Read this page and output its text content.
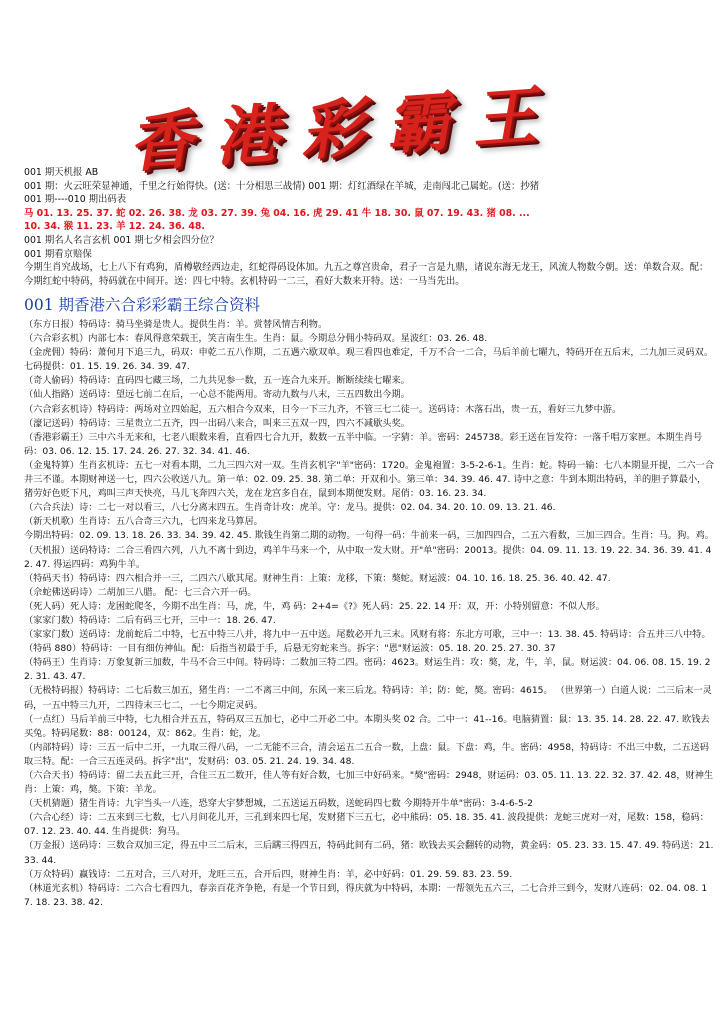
香港彩霸王
001 期天机报 AB
001 期：火云旺荣显神通，千里之行始得快。(送：十分相思三战情) 001 期：灯红酒绿在羊城，走南闯北己属蛇。(送：抄猪
001 期----010 期出码表
马 01. 13. 25. 37. 蛇 02. 26. 38. 龙 03. 27. 39. 兔 04. 16. 虎 29. 41 牛 18. 30. 鼠 07. 19. 43. 猪 08. ...
10. 34. 猴 11. 23. 羊 12. 24. 36. 48.
001 期名人名言玄机 001 期七夕相会四分位？
001 期看京赔保
今期生肖究战场，七上八下有鸡狗，盾樽敬经西边走，红蛇得码设体加。九五之尊宫贵命，君子一言是九鼎，诸说东海无龙王，风流人物数今朝。送：单数合双。配：今期红蛇中特码，特码就在中间开。送：四七中特。玄机特码一二三，看好大数来开特。送：一马当先出。
001 期香港六合彩彩霸王综合资料

（东方日报）特码诗：骑马坐骑是贵人。提供生肖：羊。赏替风情吉利物。

（六合彩玄机）内部七本：春风得意荣载王，笑言南生生。生肖：鼠。今期总分佣小特码双。星波红：03. 26. 48.

（金虎佣）特码：萧何月下追三九，码双：申乾二五八作期，二五遇六歇双单。观三看四也难定，千万不合一二合，马后羊前七曜九，特码开在五后末，二九加三灵码双。七码提供：01. 15. 19. 26. 34. 39. 47.

（奇人偷码）特码诗：直码四七藏三场，二九共见参一数，五一连合九来开。断断续续七曜来。

（仙人指路）送码诗：望远七前二在后，一心总不能两用。寄动九数与八末，三五四数出今期。

（六合彩玄机诗）特码诗：两场对立四始起，五六相合今双来，日今一下三九齐，不管三七二徒一。送码诗：木落石出，贵一五，看好三九梦中游。

（濠记送码）特码诗：三星贵立二五齐，四一出码八来合，叫来三五双一四，四六不减歇头奖。

（香港彩霸王）三中六斗无来和，七老八眼数来看，直看四七合九开，数数一五半中临。一字猜：羊。密码：245738。彩王送在旨发符：一落千唱万家匣。本期生肖号码：03. 06. 12. 15. 17. 24. 26. 27. 32. 34. 41. 46.

（金鬼特算）生肖玄机诗：五七一对看本期，二九三四六对一双。生肖玄机字"羊"密码：1720。金鬼袍置：3-5-2-6-1。生肖：蛇。特码一输：七八本期显开提，二六一合井三不谨。本期财神送一七，四六公收送八九。第一单：02. 09. 25. 38. 第二单：开双和小。第三单：34. 39. 46. 47. 诗中之意：牛到本期出特码，羊的胆子算最小，猪劳好色贬下凡，鸡叫三声天快亮，马儿飞奔四六关，龙在龙宫多自在，鼠到本期便发财。尾俏：03. 16. 23. 34.

（六合兵法）诗：二七一对以看三，八七分离末四五。生肖奇计攻：虎羊。守：龙马。提供：02. 04. 34. 20. 10. 09. 13. 21. 46.

（新天机歌）生肖诗：五八合奇三六九，七四来龙马算居。

今期出特码：02. 09. 13. 18. 26. 33. 34. 39. 42. 45. 欺钱生肖第二期的动物。一句得一码：牛前来一码，三加四四合，二五六看数，三加三四合。生肖：马。狗。鸡。

（天机报）送码特诗：二合三看四六列，八九不离十到边，鸡羊牛马来一个，从中取一发大财。开"单"密码：20013。提供：04. 09. 11. 13. 19. 22. 34. 36. 39. 41. 42. 47. 得运四码：鸡狗牛羊。

（特码天书）特码诗：四六相合并一三，二四六八歇其尾。财神生肖：上策：龙移，下策：獒蛇。财运波：04. 10. 16. 18. 25. 36. 40. 42. 47.

（佘蛇佛送码诗）二胡加三八腊。 配：七三合六开一码。

（死人码）死人诗：龙困蛇爬冬，今期不出生肖：马，虎，牛，鸡 码：2+4=《?》死人码：25. 22. 14 开：双，开：小特别留意：不似人形。

（家家门数）特码诗：二后有码三七开，三中一：18. 26. 47.

（家家门数）送码诗：龙前蛇后二中特，七五中特三八并，将九中一五中送。尾数必开九三末。风财有将：东北方可歌，三中一：13. 38. 45. 特码诗：合五并三八中特。

（特码 880）特码诗：一目有细仿神仙。配：后指当初最于手，后悬无穷蛇来当。拆字："恩"财运波：05. 18. 20. 25. 27. 30. 37

（特码王）生肖诗：万象复新三加数，牛马不合三中间。特码诗：二数加三特二四。密码：4623。财运生肖：攻：獒，龙，牛，羊，鼠。财运波：04. 06. 08. 15. 19. 22. 31. 43. 47.

（无极特码报）特码诗：二七后数三加五，猪生肖：一二不离三中间，东风一来三后龙。特码诗：羊；防：蛇，獒。密码：4615。 （世界第一）白道人说：二三后末一灵码，一五中特三九开，二四待末三七二，一七今期定灵码。

（一点红）马后羊前三中特，七九相合并五五，特码双三五加七，必中二开必二中。本期头奖 02 合。二中一：41--16。电脑猜置：鼠：13. 35. 14. 28. 22. 47. 欧钱去买兔。特码尾数：88：00124，双：862。生肖：蛇，龙。

（内部特码）诗：三五一后中二开，一九取三得八码，一二无能不三合，清会运五二五合一数，上盘：鼠。下盘：鸡，牛。密码：4958，特码诗：不出三中数，二五送码取三特。配：一合三五连灵码。拆字"出"，发财码：03. 05. 21. 24. 19. 34. 48.

（六合天书）特码诗：留二去五此三开，合住三五二数开，佳人等有好合数，七加三中好码来。"獒"密码：2948，财运码：03. 05. 11. 13. 22. 32. 37. 42. 48，财神生肖：上策：鸡，獒。下策：羊龙。

（天机猜题）猪生肖诗：九宇当头一八连，恐穿大宇梦想城，二五送运五码数，送蛇码四七数 今期特开牛单"密码：3-4-6-5-2

（六合心经）诗：二五来到三七数，七八月间花儿开，三孔到来四七尾，发财猪下三五七，必中熊码：05. 18. 35. 41. 波段提供：龙蛇三虎对一对，尾数：158，稳码：07. 12. 23. 40. 44. 生肖提供：狗马。

（万金报）送码诗：三数合双加三定，得五中三二后末，三后蹒三得四五，特码此间有二码，猪：欧钱去买会翻转的动物，黄金码：05. 23. 33. 15. 47. 49. 特码送：21. 33. 44.

（万众特码）赢钱诗：二五对合，三八对开，龙旺三五，合开后四，财神生肖：羊，必中好码：01. 29. 59. 83. 23. 59.

（林道光玄机）特码诗：二六合七看四九，春亲百花齐争艳，有是一个节日到，得庆就为中特码，本期：一帮领先五六三，二七合并三到今，发财八连码：02. 04. 08. 17. 18. 23. 38. 42.
